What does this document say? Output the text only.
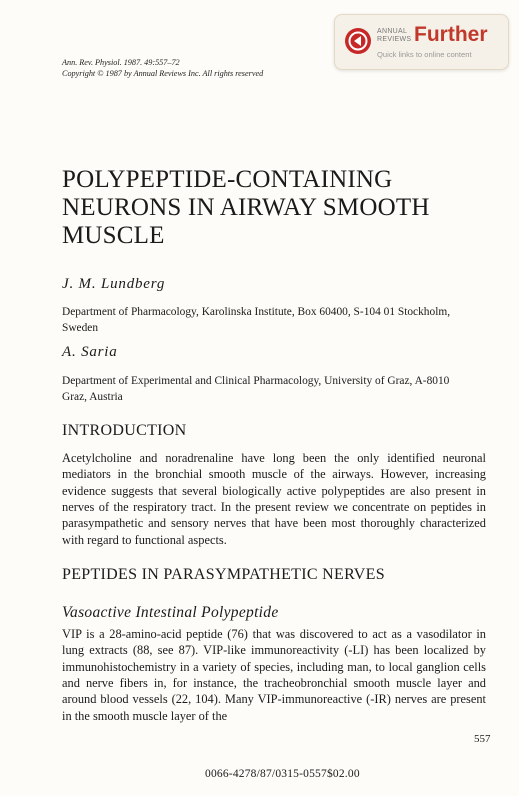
Ann. Rev. Physiol. 1987. 49:557–72
Copyright © 1987 by Annual Reviews Inc. All rights reserved
ANNUAL
REVIEWS Further
Quick links to online content
POLYPEPTIDE-CONTAINING
NEURONS IN AIRWAY SMOOTH
MUSCLE
J. M. Lundberg
Department of Pharmacology, Karolinska Institute, Box 60400, S-104 01 Stockholm,
Sweden
A. Saria
Department of Experimental and Clinical Pharmacology, University of Graz, A-8010
Graz, Austria
INTRODUCTION
Acetylcholine and noradrenaline have long been the only identified neuronal mediators in the bronchial smooth muscle of the airways. However, increasing evidence suggests that several biologically active polypeptides are also present in nerves of the respiratory tract. In the present review we concentrate on peptides in parasympathetic and sensory nerves that have been most thoroughly characterized with regard to functional aspects.
PEPTIDES IN PARASYMPATHETIC NERVES
Vasoactive Intestinal Polypeptide
VIP is a 28-amino-acid peptide (76) that was discovered to act as a vasodilator in lung extracts (88, see 87). VIP-like immunoreactivity (-LI) has been localized by immunohistochemistry in a variety of species, including man, to local ganglion cells and nerve fibers in, for instance, the tracheobronchial smooth muscle layer and around blood vessels (22, 104). Many VIP-immunoreactive (-IR) nerves are present in the smooth muscle layer of the
557
0066-4278/87/0315-0557$02.00
